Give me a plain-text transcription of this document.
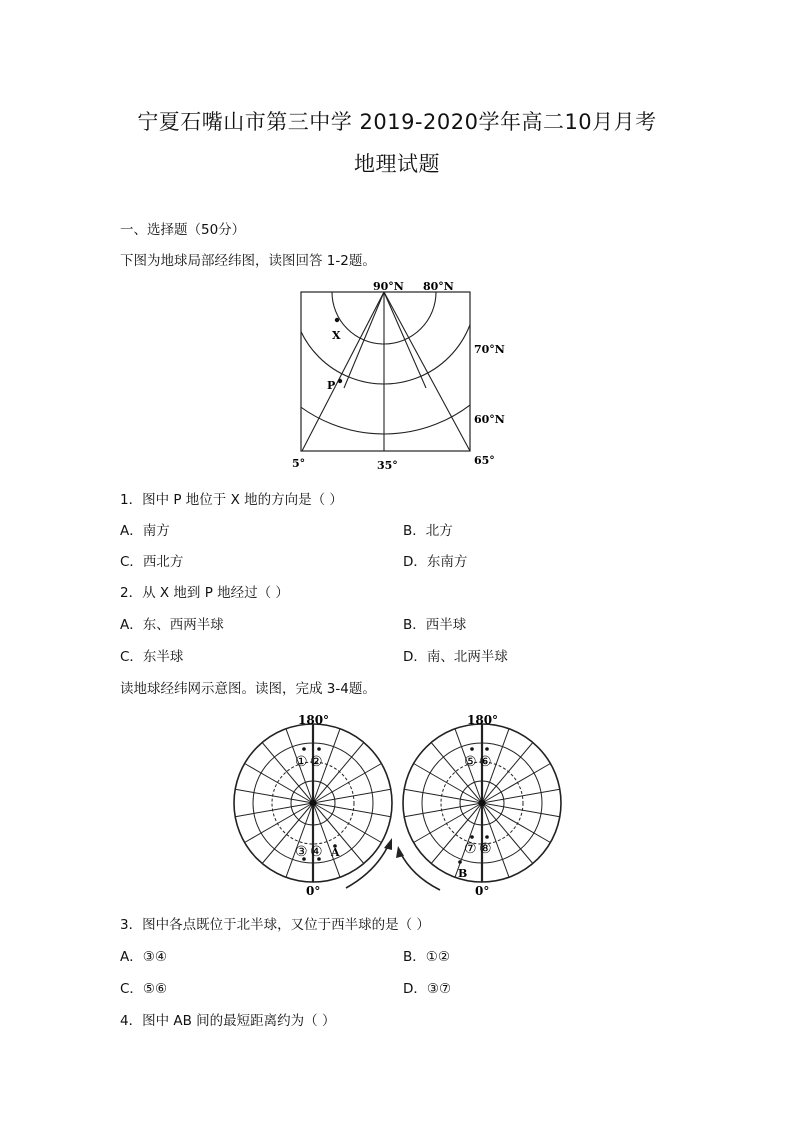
宁夏石嘴山市第三中学 2019-2020学年高二10月月考
地理试题
一、选择题（50分）
下图为地球局部经纬图，读图回答 1-2题。
X
P
90°N 80°N
70°N
60°N
5°	35°	65°
1．图中 P 地位于 X 地的方向是（ ）
A．南方	B．北方
C．西北方	D．东南方
2．从 X 地到 P 地经过（ ）
A．东、西两半球	B．西半球
C．东半球	D．南、北两半球
读地球经纬网示意图。读图，完成 3-4题。
180°
0°
180°
0°
① ②
③ ④ A
⑤ ⑥
⑦ ⑧
B
3．图中各点既位于北半球，又位于西半球的是（ ）
A．③④	B．①②
C．⑤⑥	D．③⑦
4．图中 AB 间的最短距离约为（ ）
